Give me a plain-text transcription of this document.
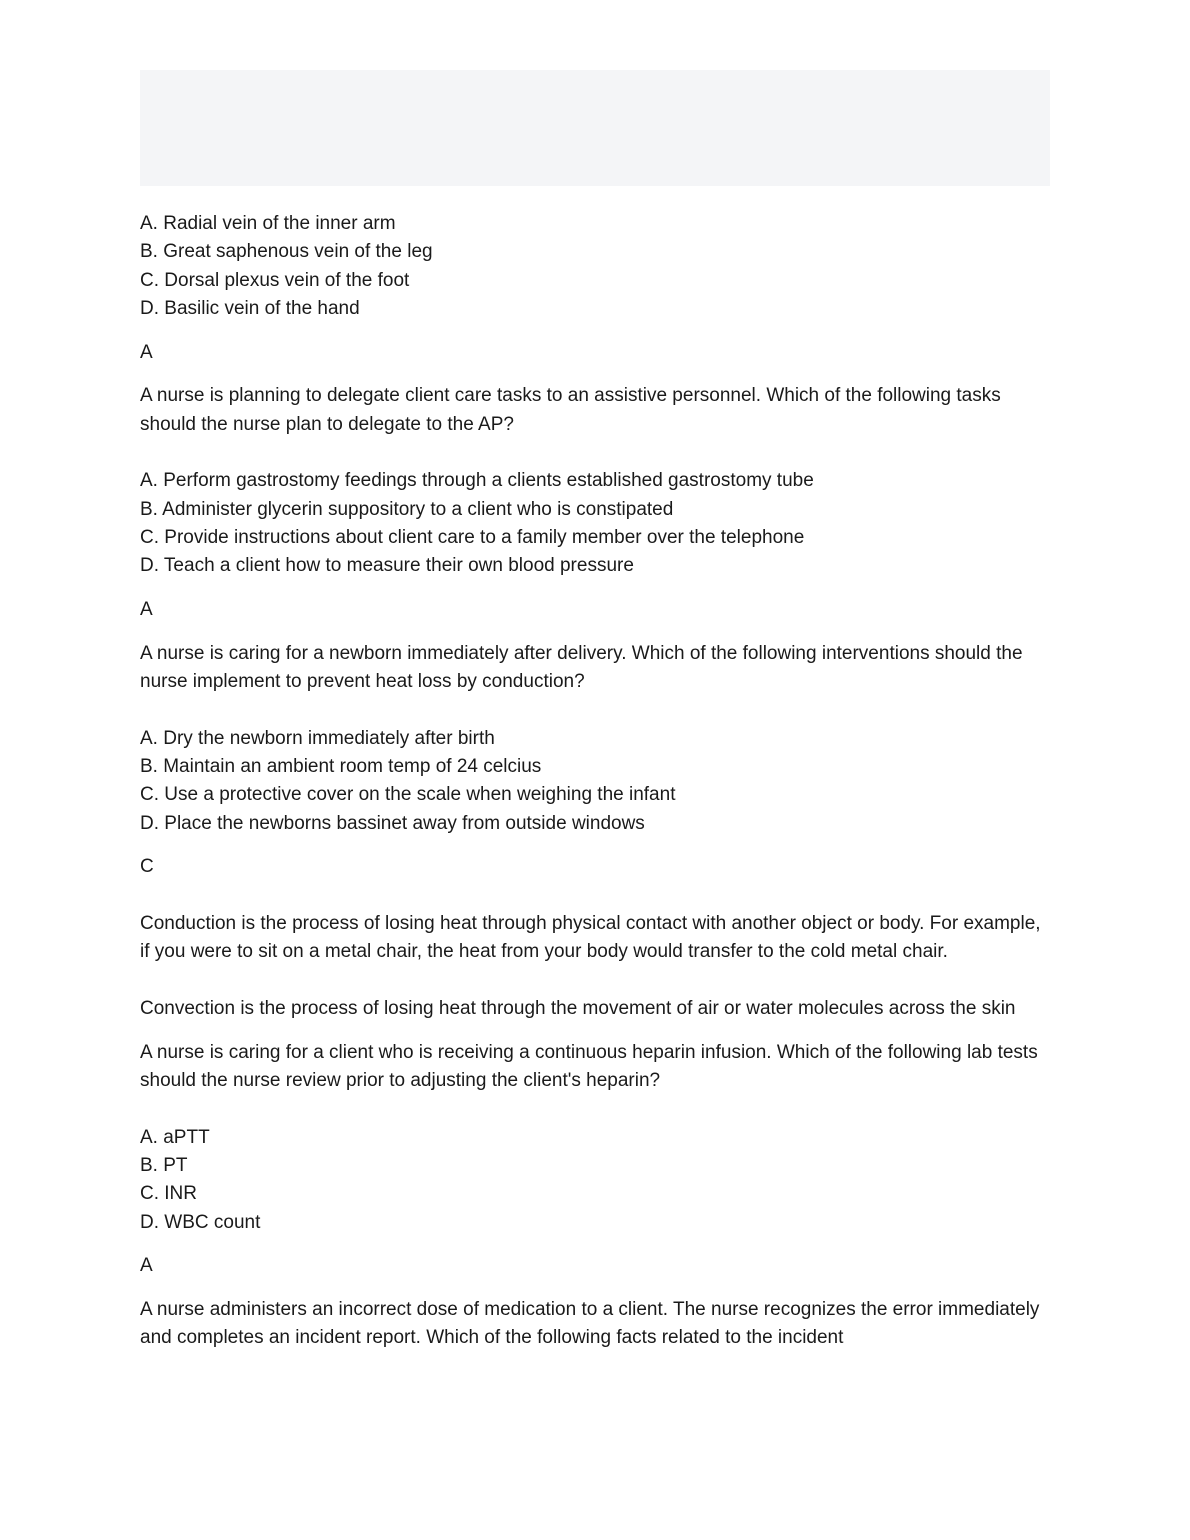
A. Radial vein of the inner arm
B. Great saphenous vein of the leg
C. Dorsal plexus vein of the foot
D. Basilic vein of the hand
A
A nurse is planning to delegate client care tasks to an assistive personnel. Which of the following tasks should the nurse plan to delegate to the AP?
A. Perform gastrostomy feedings through a clients established gastrostomy tube
B. Administer glycerin suppository to a client who is constipated
C. Provide instructions about client care to a family member over the telephone
D. Teach a client how to measure their own blood pressure
A
A nurse is caring for a newborn immediately after delivery. Which of the following interventions should the nurse implement to prevent heat loss by conduction?
A. Dry the newborn immediately after birth
B. Maintain an ambient room temp of 24 celcius
C. Use a protective cover on the scale when weighing the infant
D. Place the newborns bassinet away from outside windows
C
Conduction is the process of losing heat through physical contact with another object or body. For example, if you were to sit on a metal chair, the heat from your body would transfer to the cold metal chair.
Convection is the process of losing heat through the movement of air or water molecules across the skin
A nurse is caring for a client who is receiving a continuous heparin infusion. Which of the following lab tests should the nurse review prior to adjusting the client's heparin?
A. aPTT
B. PT
C. INR
D. WBC count
A
A nurse administers an incorrect dose of medication to a client. The nurse recognizes the error immediately and completes an incident report. Which of the following facts related to the incident
